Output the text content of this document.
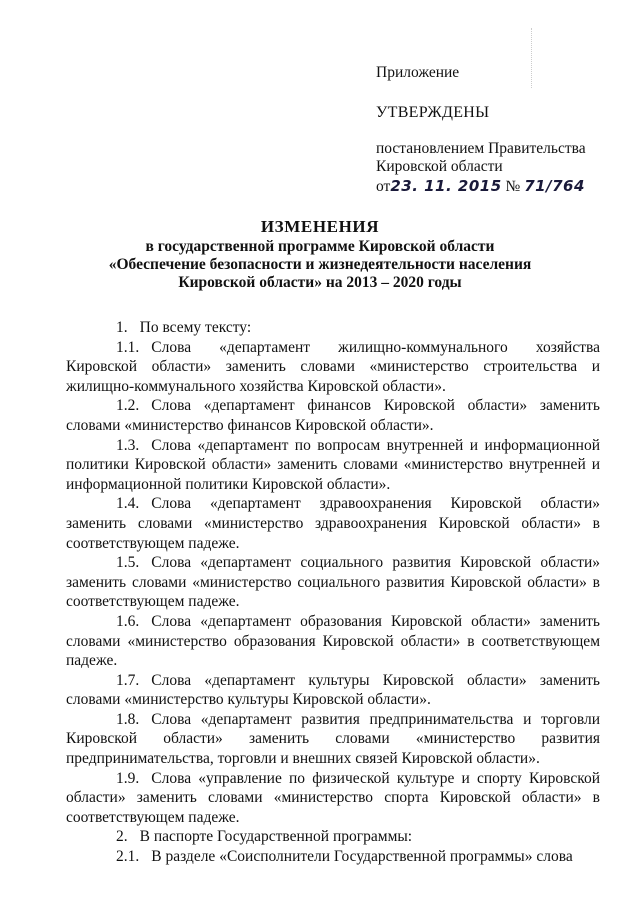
Приложение
УТВЕРЖДЕНЫ
постановлением Правительства
Кировской области
от23. 11. 2015 № 71/764
ИЗМЕНЕНИЯ
в государственной программе Кировской области
«Обеспечение безопасности и жизнедеятельности населения
Кировской области» на 2013 – 2020 годы

1. По всему тексту:

1.1. Слова «департамент жилищно-коммунального хозяйства Кировской области» заменить словами «министерство строительства и жилищно-коммунального хозяйства Кировской области».

1.2. Слова «департамент финансов Кировской области» заменить словами «министерство финансов Кировской области».

1.3. Слова «департамент по вопросам внутренней и информационной политики Кировской области» заменить словами «министерство внутренней и информационной политики Кировской области».

1.4. Слова «департамент здравоохранения Кировской области» заменить словами «министерство здравоохранения Кировской области» в соответствующем падеже.

1.5. Слова «департамент социального развития Кировской области» заменить словами «министерство социального развития Кировской области» в соответствующем падеже.

1.6. Слова «департамент образования Кировской области» заменить словами «министерство образования Кировской области» в соответствующем падеже.

1.7. Слова «департамент культуры Кировской области» заменить словами «министерство культуры Кировской области».

1.8. Слова «департамент развития предпринимательства и торговли Кировской области» заменить словами «министерство развития предпринимательства, торговли и внешних связей Кировской области».

1.9. Слова «управление по физической культуре и спорту Кировской области» заменить словами «министерство спорта Кировской области» в соответствующем падеже.

2. В паспорте Государственной программы:

2.1. В разделе «Соисполнители Государственной программы» слова
